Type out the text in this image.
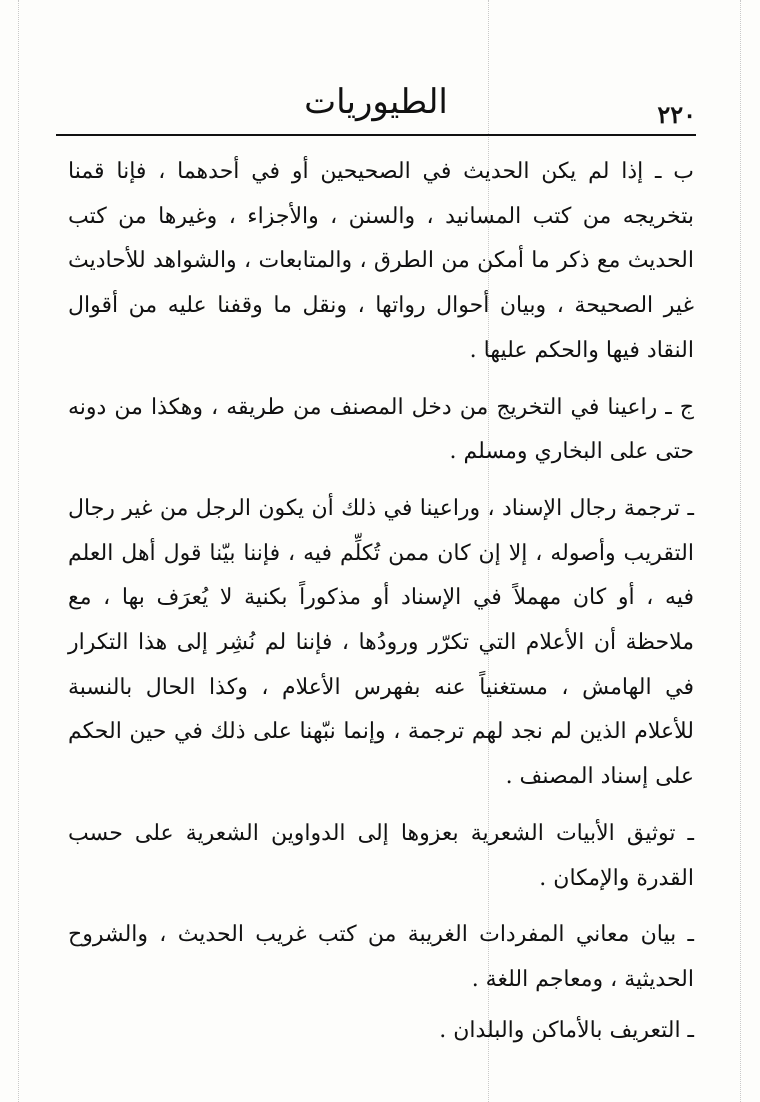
٢٢٠
الطيوريات

ب ـ إذا لم يكن الحديث في الصحيحين أو في أحدهما ، فإنا قمنا بتخريجه من كتب المسانيد ، والسنن ، والأجزاء ، وغيرها من كتب الحديث مع ذكر ما أمكن من الطرق ، والمتابعات ، والشواهد للأحاديث غير الصحيحة ، وبيان أحوال رواتها ، ونقل ما وقفنا عليه من أقوال النقاد فيها والحكم عليها .

ج ـ راعينا في التخريج من دخل المصنف من طريقه ، وهكذا من دونه حتى على البخاري ومسلم .

ـ ترجمة رجال الإسناد ، وراعينا في ذلك أن يكون الرجل من غير رجال التقريب وأصوله ، إلا إن كان ممن تُكلِّم فيه ، فإننا بيّنا قول أهل العلم فيه ، أو كان مهملاً في الإسناد أو مذكوراً بكنية لا يُعرَف بها ، مع ملاحظة أن الأعلام التي تكرّر ورودُها ، فإننا لم نُشِر إلى هذا التكرار في الهامش ، مستغنياً عنه بفهرس الأعلام ، وكذا الحال بالنسبة للأعلام الذين لم نجد لهم ترجمة ، وإنما نبّهنا على ذلك في حين الحكم على إسناد المصنف .

ـ توثيق الأبيات الشعرية بعزوها إلى الدواوين الشعرية على حسب القدرة والإمكان .

ـ بيان معاني المفردات الغريبة من كتب غريب الحديث ، والشروح الحديثية ، ومعاجم اللغة .

ـ التعريف بالأماكن والبلدان .
